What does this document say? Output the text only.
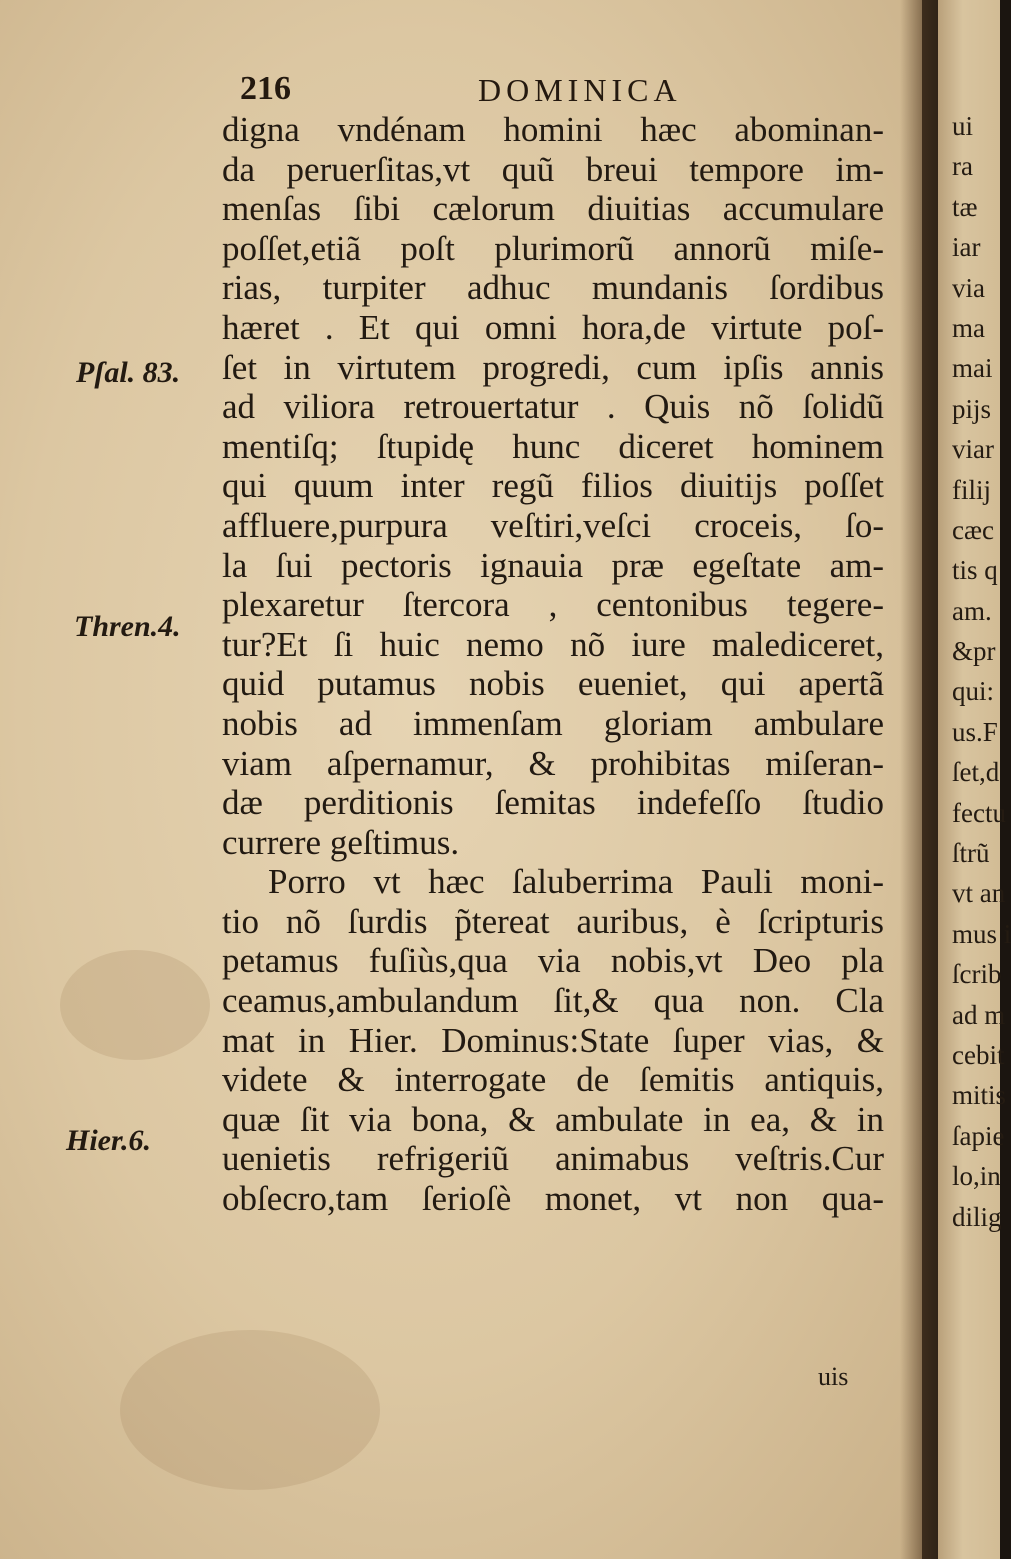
216	DOMINICA
digna vndénam homini hæc abominan-
da peruerſitas,vt quũ breui tempore im-
menſas ſibi cælorum diuitias accumulare
poſſet,etiã poſt plurimorũ annorũ miſe-
rias, turpiter adhuc mundanis ſordibus
hæret . Et qui omni hora,de virtute poſ-
ſet in virtutem progredi, cum ipſis annis
ad viliora retrouertatur . Quis nõ ſolidũ
mentiſq; ſtupidę hunc diceret hominem
qui quum inter regũ filios diuitijs poſſet
affluere,purpura veſtiri,veſci croceis, ſo-
la ſui pectoris ignauia præ egeſtate am-
plexaretur ſtercora , centonibus tegere-
tur?Et ſi huic nemo nõ iure malediceret,
quid putamus nobis eueniet, qui apertã
nobis ad immenſam gloriam ambulare
viam aſpernamur, & prohibitas miſeran-
dæ perditionis ſemitas indefeſſo ſtudio
currere geſtimus.
Porro vt hæc ſaluberrima Pauli moni-
tio nõ ſurdis p̃tereat auribus, è ſcripturis
petamus fuſiùs,qua via nobis,vt Deo pla
ceamus,ambulandum ſit,& qua non. Cla
mat in Hier. Dominus:State ſuper vias, &
videte & interrogate de ſemitis antiquis,
quæ ſit via bona, & ambulate in ea, & in
uenietis refrigeriũ animabus veſtris.Cur
obſecro,tam ſerioſè monet, vt non qua-
uis
Pſal. 83.
Thren.4.
Hier.6.
ui
ra
tæ
iar
via
ma
mai
pijs
viar
filij
cæc
tis q
am.
&pr
qui:
us.F
ſet,d
fectu
ſtrũ
vt an
mus i
ſcrib
ad m
cebit
mitis
ſapie
lo,in
dilig
